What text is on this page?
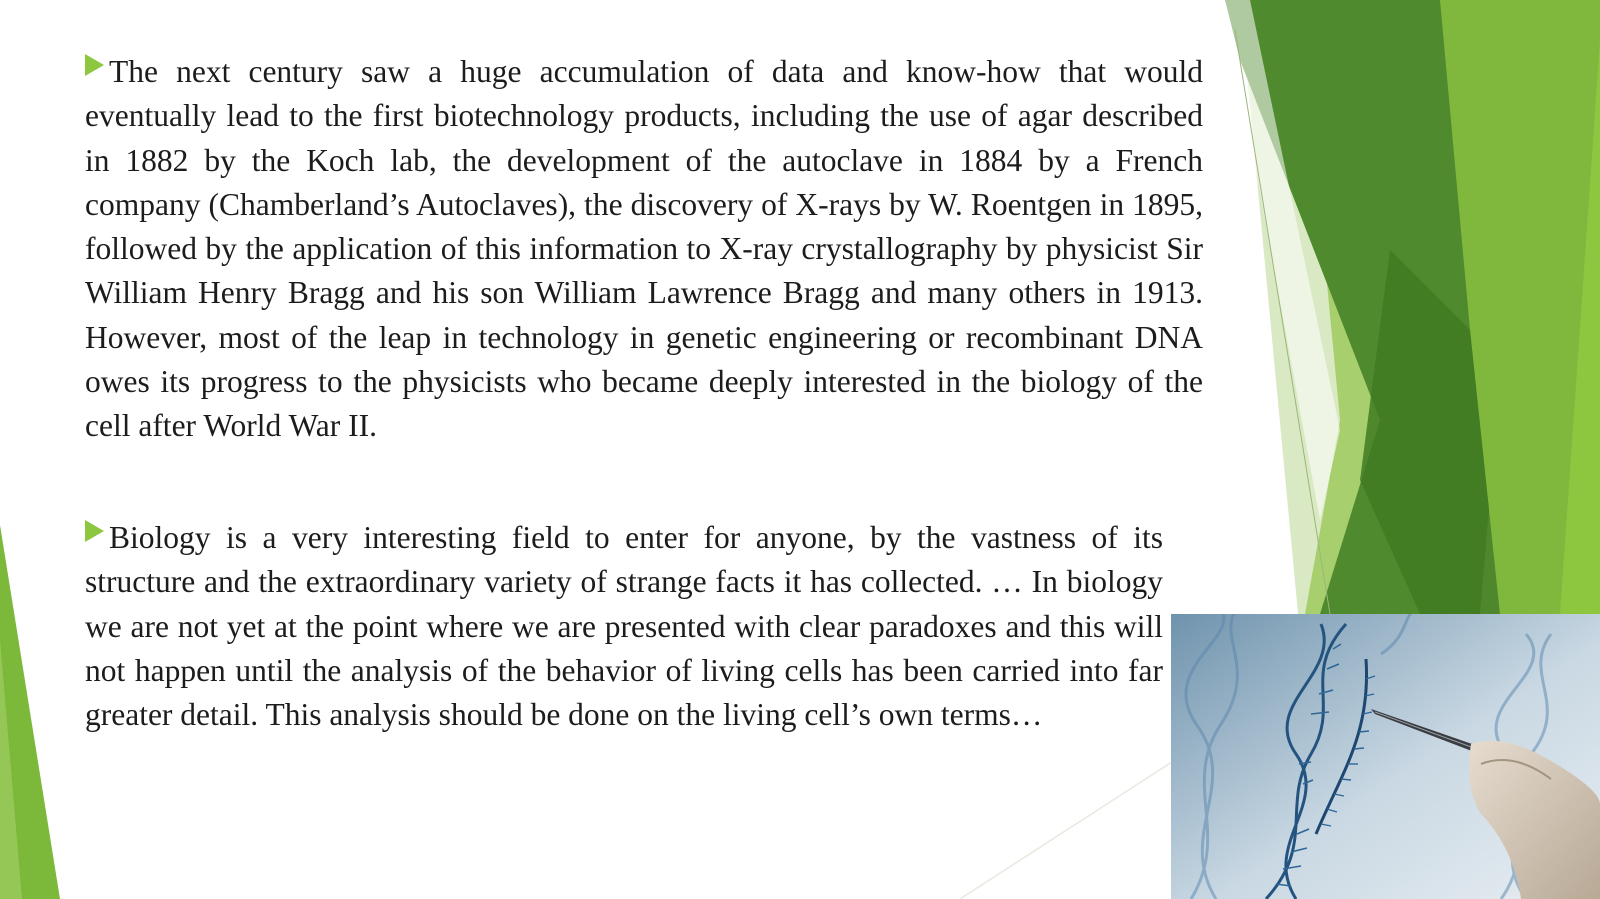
The next century saw a huge accumulation of data and know-how that would eventually lead to the first biotechnology products, including the use of agar described in 1882 by the Koch lab, the development of the autoclave in 1884 by a French company (Chamberland’s Autoclaves), the discovery of X-rays by W. Roentgen in 1895, followed by the application of this information to X-ray crystallography by physicist Sir William Henry Bragg and his son William Lawrence Bragg and many others in 1913. However, most of the leap in technology in genetic engineering or recombinant DNA owes its progress to the physicists who became deeply interested in the biology of the cell after World War II.

Biology is a very interesting field to enter for anyone, by the vastness of its structure and the extraordinary variety of strange facts it has collected. … In biology we are not yet at the point where we are presented with clear paradoxes and this will not happen until the analysis of the behavior of living cells has been carried into far greater detail. This analysis should be done on the living cell’s own terms…
